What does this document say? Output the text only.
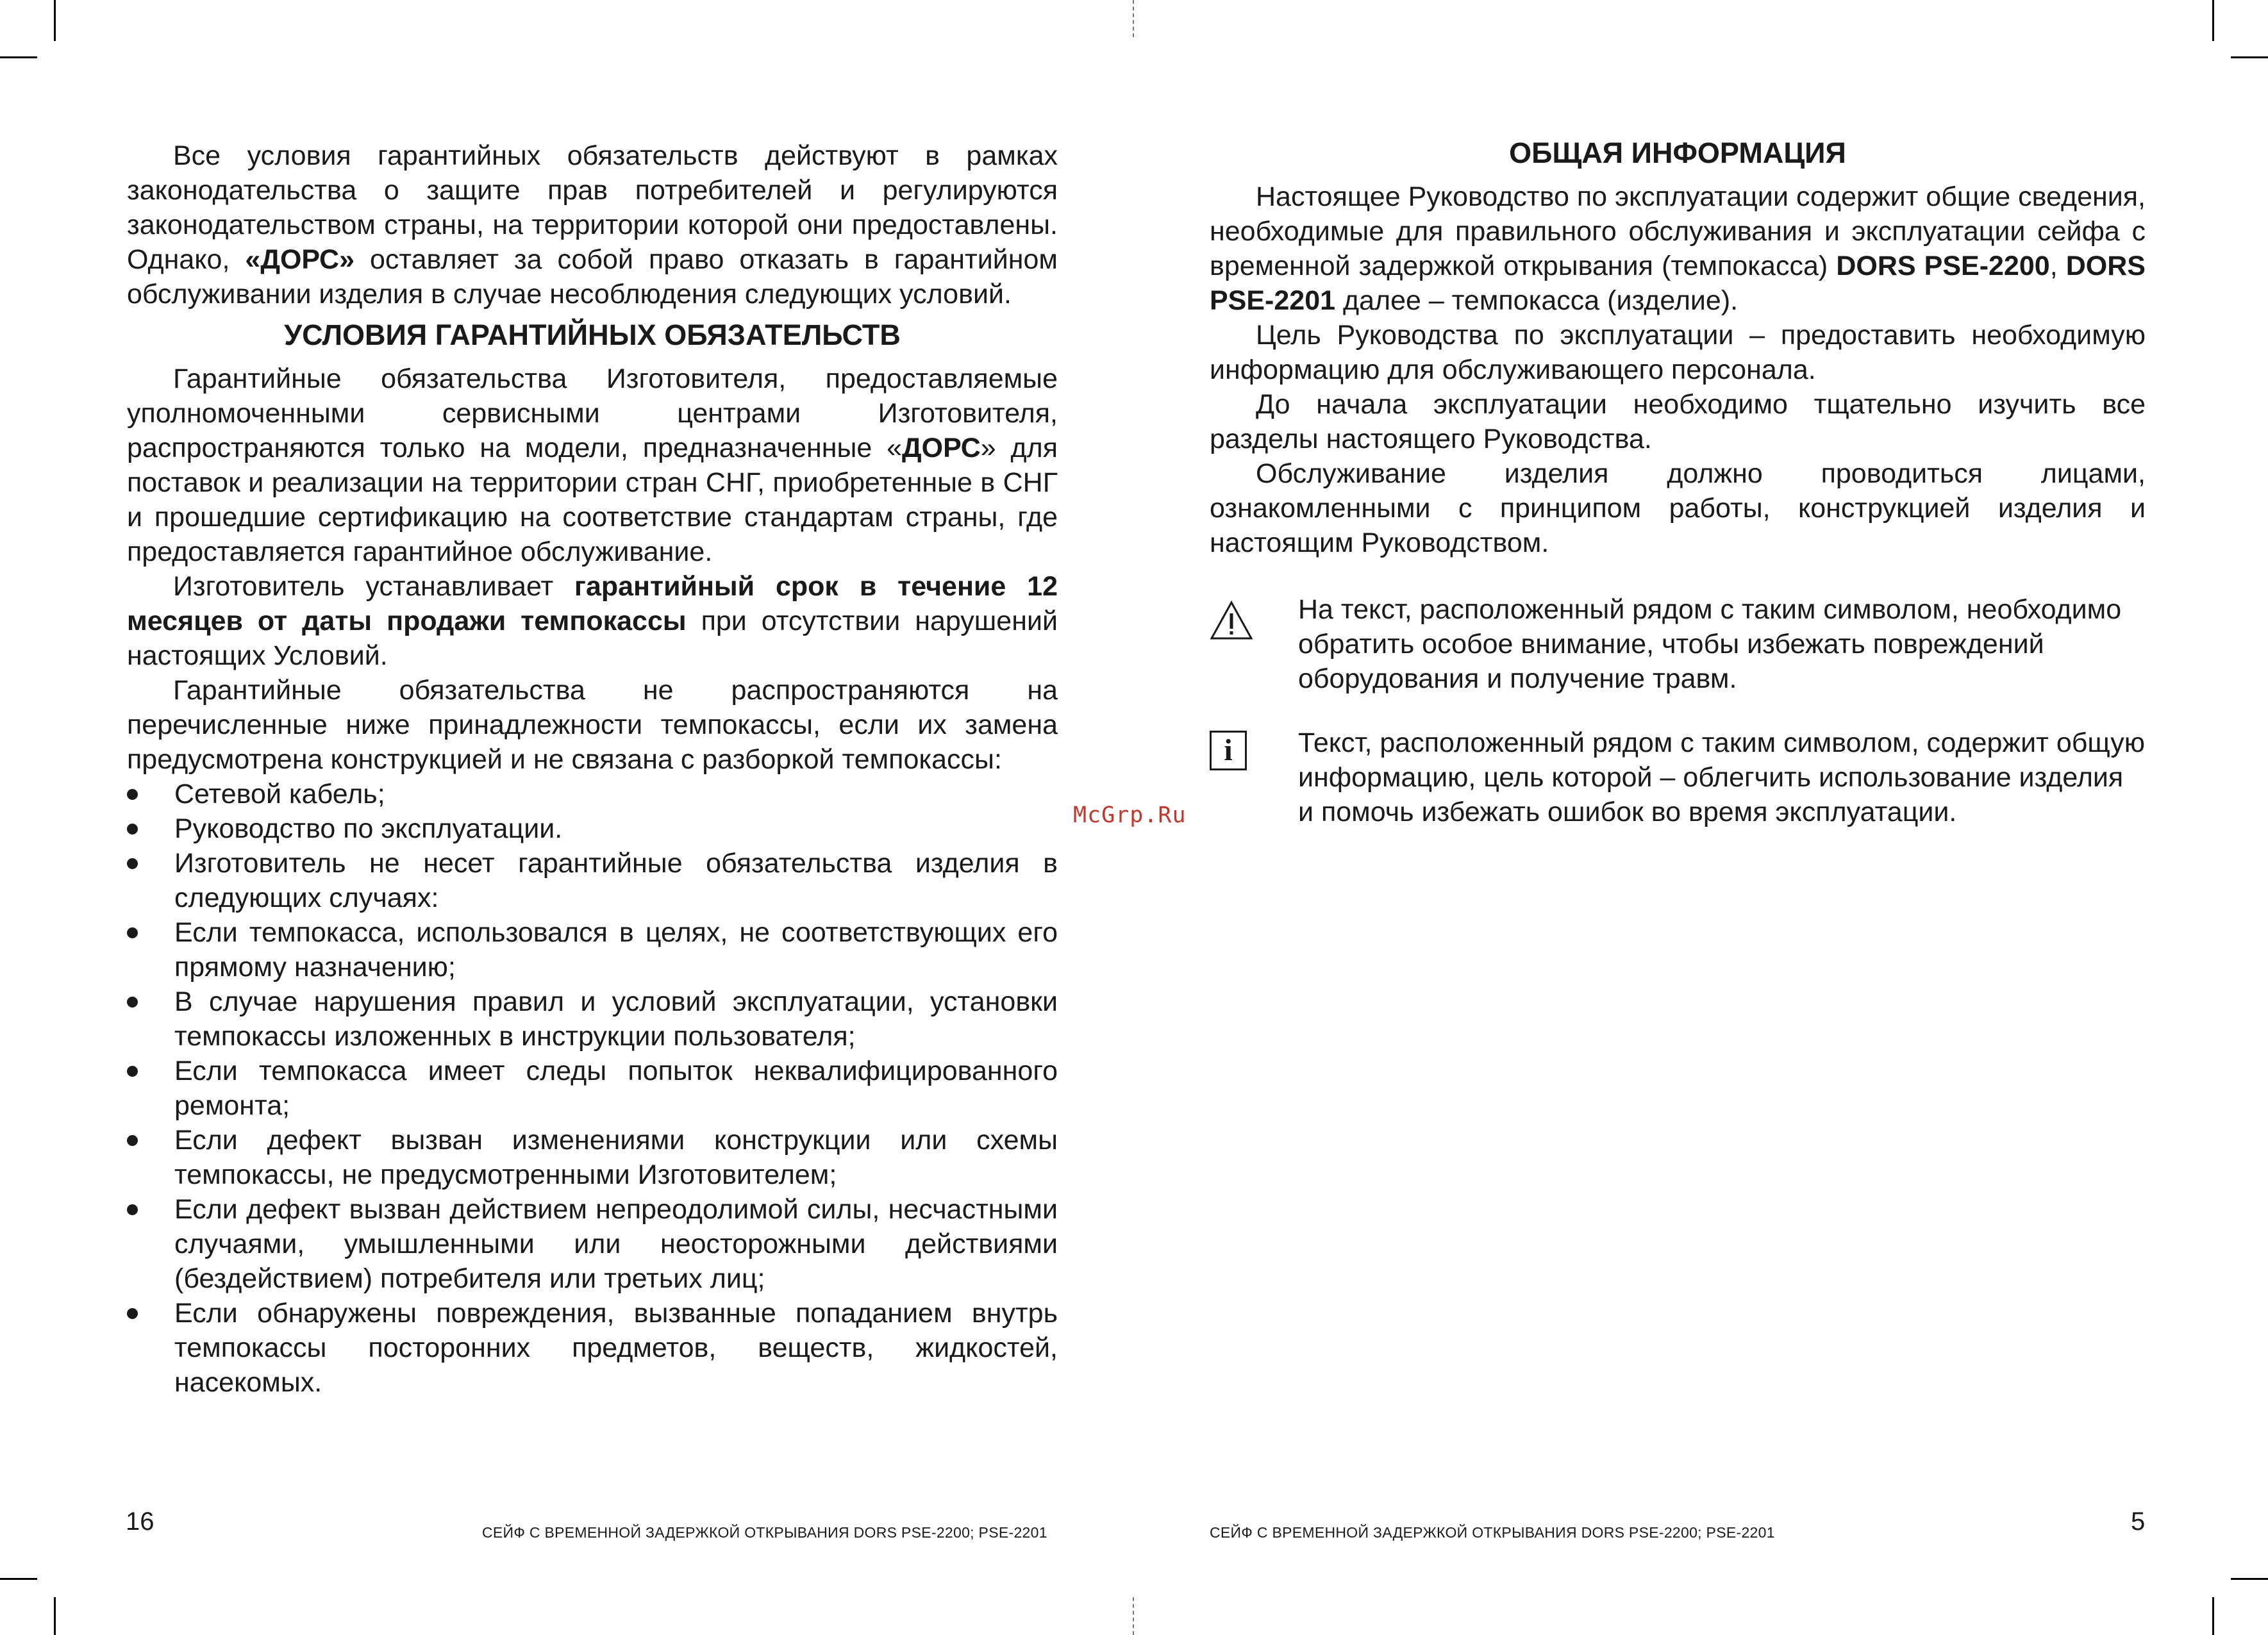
Все условия гарантийных обязательств действуют в рамках законодательства о защите прав потребителей и регулируются законодательством страны, на территории которой они предоставлены. Однако, «ДОРС» оставляет за собой право отказать в гарантийном обслуживании изделия в случае несоблюдения следующих условий.

УСЛОВИЯ ГАРАНТИЙНЫХ ОБЯЗАТЕЛЬСТВ

Гарантийные обязательства Изготовителя, предоставляемые уполномоченными сервисными центрами Изготовителя, распространяются только на модели, предназначенные «ДОРС» для поставок и реализации на территории стран СНГ, приобретенные в СНГ и прошедшие сертификацию на соответствие стандартам страны, где предоставляется гарантийное обслуживание.

Изготовитель устанавливает гарантийный срок в течение 12 месяцев от даты продажи темпокассы при отсутствии нарушений настоящих Условий.

Гарантийные обязательства не распространяются на перечисленные ниже принадлежности темпокассы, если их замена предусмотрена конструкцией и не связана с разборкой темпокассы:

Сетевой кабель;
Руководство по эксплуатации.
Изготовитель не несет гарантийные обязательства изделия в следующих случаях:
Если темпокасса, использовался в целях, не соответствующих его прямому назначению;
В случае нарушения правил и условий эксплуатации, установки темпокассы изложенных в инструкции пользователя;
Если темпокасса имеет следы попыток неквалифицированного ремонта;
Если дефект вызван изменениями конструкции или схемы темпокассы, не предусмотренными Изготовителем;
Если дефект вызван действием непреодолимой силы, несчастными случаями, умышленными или неосторожными действиями (бездействием) потребителя или третьих лиц;
Если обнаружены повреждения, вызванные попаданием внутрь темпокассы посторонних предметов, веществ, жидкостей, насекомых.
16	СЕЙФ С ВРЕМЕННОЙ ЗАДЕРЖКОЙ ОТКРЫВАНИЯ DORS PSE-2200; PSE-2201
ОБЩАЯ ИНФОРМАЦИЯ

Настоящее Руководство по эксплуатации содержит общие сведения, необходимые для правильного обслуживания и эксплуатации сейфа с временной задержкой открывания (темпокасса) DORS PSE-2200, DORS PSE-2201 далее – темпокасса (изделие).

Цель Руководства по эксплуатации – предоставить необходимую информацию для обслуживающего персонала.

До начала эксплуатации необходимо тщательно изучить все разделы настоящего Руководства.

Обслуживание изделия должно проводиться лицами, ознакомленными с принципом работы, конструкцией изделия и настоящим Руководством.

На текст, расположенный рядом с таким символом, необходимо обратить особое внимание, чтобы избежать повреждений оборудования и получение травм.
i	Текст, расположенный рядом с таким символом, содержит общую информацию, цель которой – облегчить использование изделия и помочь избежать ошибок во время эксплуатации.
5
СЕЙФ С ВРЕМЕННОЙ ЗАДЕРЖКОЙ ОТКРЫВАНИЯ DORS PSE-2200; PSE-2201
McGrp.Ru
